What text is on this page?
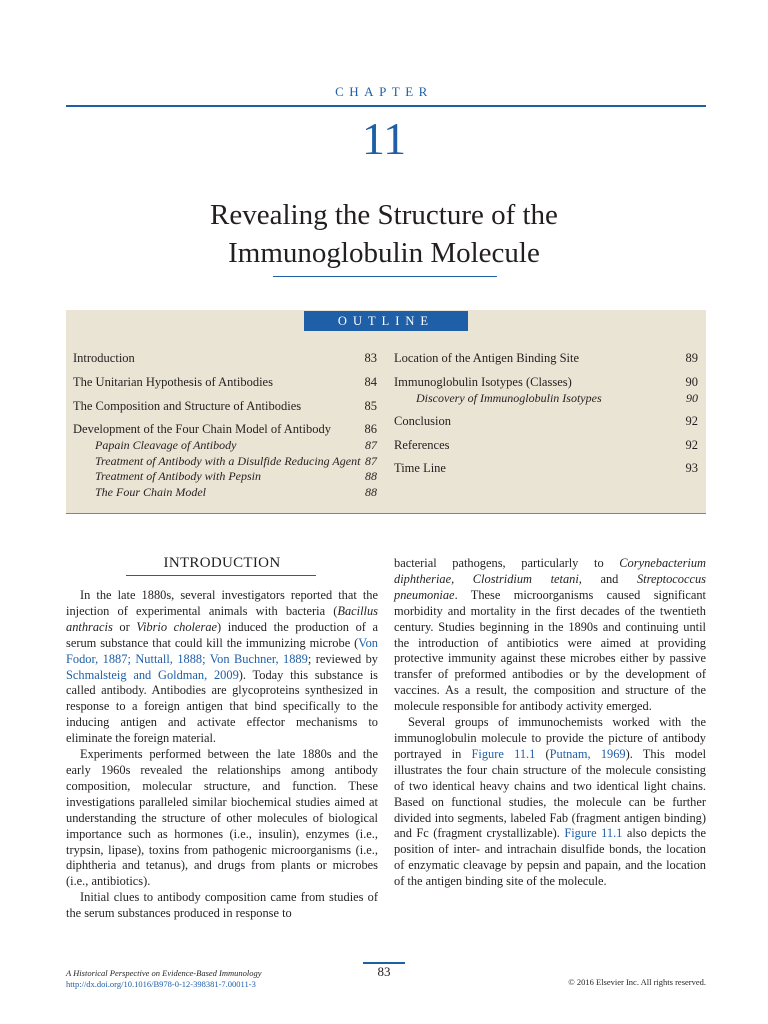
CHAPTER
11
Revealing the Structure of the
Immunoglobulin Molecule
OUTLINE
Introduction	83
The Unitarian Hypothesis of Antibodies	84
The Composition and Structure of Antibodies	85
Development of the Four Chain Model of Antibody	86
Papain Cleavage of Antibody	87
Treatment of Antibody with a Disulfide Reducing Agent 87
Treatment of Antibody with Pepsin	88
The Four Chain Model	88
Location of the Antigen Binding Site	89
Immunoglobulin Isotypes (Classes)	90
Discovery of Immunoglobulin Isotypes	90
Conclusion	92
References	92
Time Line	93
INTRODUCTION

In the late 1880s, several investigators reported that the injection of experimental animals with bacteria (Bacillus anthracis or Vibrio cholerae) induced the production of a serum substance that could kill the immunizing microbe (Von Fodor, 1887; Nuttall, 1888; Von Buchner, 1889; reviewed by Schmalsteig and Goldman, 2009). Today this substance is called antibody. Antibodies are glycoproteins synthesized in response to a foreign antigen that bind specifically to the inducing antigen and activate effector mechanisms to eliminate the foreign material.

Experiments performed between the late 1880s and the early 1960s revealed the relationships among antibody composition, molecular structure, and function. These investigations paralleled similar biochemical studies aimed at understanding the structure of other molecules of biological importance such as hormones (i.e., insulin), enzymes (i.e., trypsin, lipase), toxins from pathogenic microorganisms (i.e., diphtheria and tetanus), and drugs from plants or microbes (i.e., antibiotics).

Initial clues to antibody composition came from studies of the serum substances produced in response to

bacterial pathogens, particularly to Corynebacterium diphtheriae, Clostridium tetani, and Streptococcus pneumoniae. These microorganisms caused significant morbidity and mortality in the first decades of the twentieth century. Studies beginning in the 1890s and continuing until the introduction of antibiotics were aimed at providing protective immunity against these microbes either by passive transfer of preformed antibodies or by the development of vaccines. As a result, the composition and structure of the molecule responsible for antibody activity emerged.

Several groups of immunochemists worked with the immunoglobulin molecule to provide the picture of antibody portrayed in Figure 11.1 (Putnam, 1969). This model illustrates the four chain structure of the molecule consisting of two identical heavy chains and two identical light chains. Based on functional studies, the molecule can be further divided into segments, labeled Fab (fragment antigen binding) and Fc (fragment crystallizable). Figure 11.1 also depicts the position of inter- and intrachain disulfide bonds, the location of enzymatic cleavage by pepsin and papain, and the location of the antigen binding site of the molecule.

83
A Historical Perspective on Evidence-Based Immunology
http://dx.doi.org/10.1016/B978-0-12-398381-7.00011-3	© 2016 Elsevier Inc. All rights reserved.
